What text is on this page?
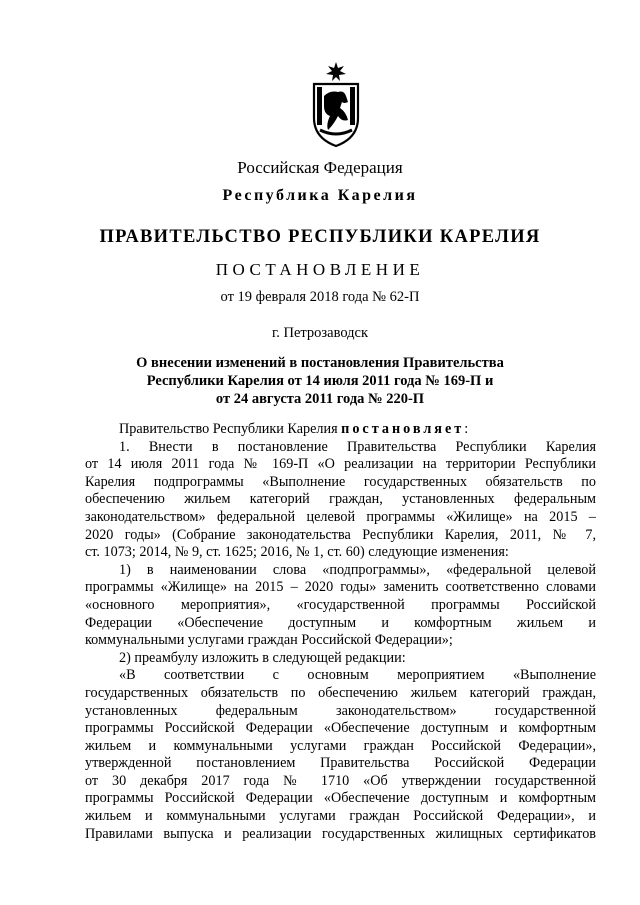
Российская Федерация
Республика Карелия
ПРАВИТЕЛЬСТВО РЕСПУБЛИКИ КАРЕЛИЯ
ПОСТАНОВЛЕНИЕ
от 19 февраля 2018 года № 62-П
г. Петрозаводск
О внесении изменений в постановления Правительства
Республики Карелия от 14 июля 2011 года № 169-П и
от 24 августа 2011 года № 220-П
Правительство Республики Карелия постановляет:
1. Внести в постановление Правительства Республики Карелия
от 14 июля 2011 года № 169-П «О реализации на территории Республики
Карелия подпрограммы «Выполнение государственных обязательств по
обеспечению жильем категорий граждан, установленных федеральным
законодательством» федеральной целевой программы «Жилище» на 2015 –
2020 годы» (Собрание законодательства Республики Карелия, 2011, № 7,
ст. 1073; 2014, № 9, ст. 1625; 2016, № 1, ст. 60) следующие изменения:
1) в наименовании слова «подпрограммы», «федеральной целевой
программы «Жилище» на 2015 – 2020 годы» заменить соответственно словами
«основного мероприятия», «государственной программы Российской
Федерации «Обеспечение доступным и комфортным жильем и
коммунальными услугами граждан Российской Федерации»;
2) преамбулу изложить в следующей редакции:
«В соответствии с основным мероприятием «Выполнение
государственных обязательств по обеспечению жильем категорий граждан,
установленных федеральным законодательством» государственной
программы Российской Федерации «Обеспечение доступным и комфортным
жильем и коммунальными услугами граждан Российской Федерации»,
утвержденной постановлением Правительства Российской Федерации
от 30 декабря 2017 года № 1710 «Об утверждении государственной
программы Российской Федерации «Обеспечение доступным и комфортным
жильем и коммунальными услугами граждан Российской Федерации», и
Правилами выпуска и реализации государственных жилищных сертификатов
